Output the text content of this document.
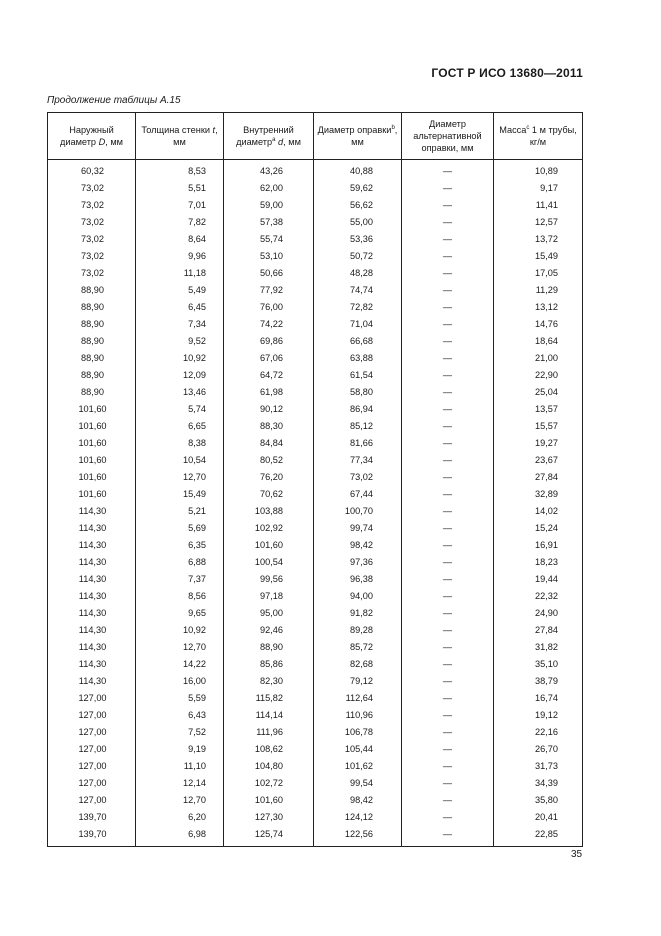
ГОСТ Р ИСО 13680—2011
Продолжение таблицы А.15
Наружный диаметр D, мм	Толщина стенки t, мм	Внутренний диаметр$^a$ d, мм	Диаметр оправки$^b$, мм	Диаметр альтернативной оправки, мм	Масса$^c$ 1 м трубы, кг/м
60,32	8,53	43,26	40,88	—	10,89
73,02	5,51	62,00	59,62	—	9,17
73,02	7,01	59,00	56,62	—	11,41
73,02	7,82	57,38	55,00	—	12,57
73,02	8,64	55,74	53,36	—	13,72
73,02	9,96	53,10	50,72	—	15,49
73,02	11,18	50,66	48,28	—	17,05
88,90	5,49	77,92	74,74	—	11,29
88,90	6,45	76,00	72,82	—	13,12
88,90	7,34	74,22	71,04	—	14,76
88,90	9,52	69,86	66,68	—	18,64
88,90	10,92	67,06	63,88	—	21,00
88,90	12,09	64,72	61,54	—	22,90
88,90	13,46	61,98	58,80	—	25,04
101,60	5,74	90,12	86,94	—	13,57
101,60	6,65	88,30	85,12	—	15,57
101,60	8,38	84,84	81,66	—	19,27
101,60	10,54	80,52	77,34	—	23,67
101,60	12,70	76,20	73,02	—	27,84
101,60	15,49	70,62	67,44	—	32,89
114,30	5,21	103,88	100,70	—	14,02
114,30	5,69	102,92	99,74	—	15,24
114,30	6,35	101,60	98,42	—	16,91
114,30	6,88	100,54	97,36	—	18,23
114,30	7,37	99,56	96,38	—	19,44
114,30	8,56	97,18	94,00	—	22,32
114,30	9,65	95,00	91,82	—	24,90
114,30	10,92	92,46	89,28	—	27,84
114,30	12,70	88,90	85,72	—	31,82
114,30	14,22	85,86	82,68	—	35,10
114,30	16,00	82,30	79,12	—	38,79
127,00	5,59	115,82	112,64	—	16,74
127,00	6,43	114,14	110,96	—	19,12
127,00	7,52	111,96	106,78	—	22,16
127,00	9,19	108,62	105,44	—	26,70
127,00	11,10	104,80	101,62	—	31,73
127,00	12,14	102,72	99,54	—	34,39
127,00	12,70	101,60	98,42	—	35,80
139,70	6,20	127,30	124,12	—	20,41
139,70	6,98	125,74	122,56	—	22,85
35
